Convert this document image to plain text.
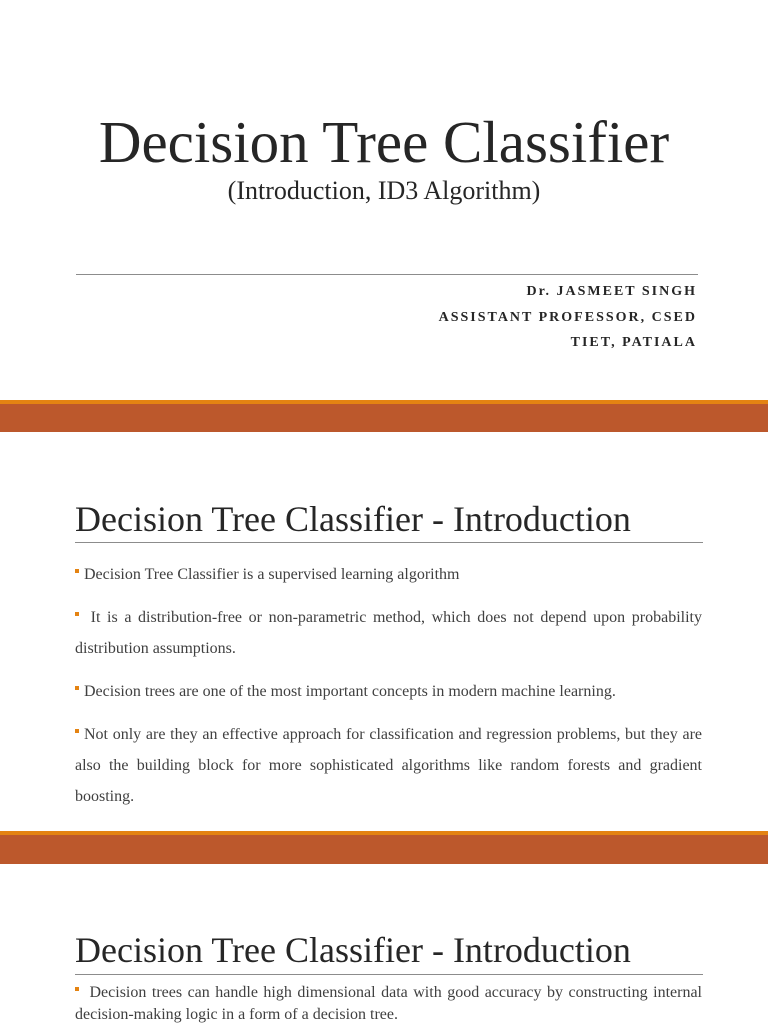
Decision Tree Classifier
(Introduction, ID3 Algorithm)
Dr. JASMEET SINGH
ASSISTANT PROFESSOR, CSED
TIET, PATIALA
Decision Tree Classifier - Introduction
Decision Tree Classifier is a supervised learning algorithm
It is a distribution-free or non-parametric method, which does not depend upon probability distribution assumptions.
Decision trees are one of the most important concepts in modern machine learning.
Not only are they an effective approach for classification and regression problems, but they are also the building block for more sophisticated algorithms like random forests and gradient boosting.
Decision Tree Classifier - Introduction
Decision trees can handle high dimensional data with good accuracy by constructing internal decision-making logic in a form of a decision tree.
